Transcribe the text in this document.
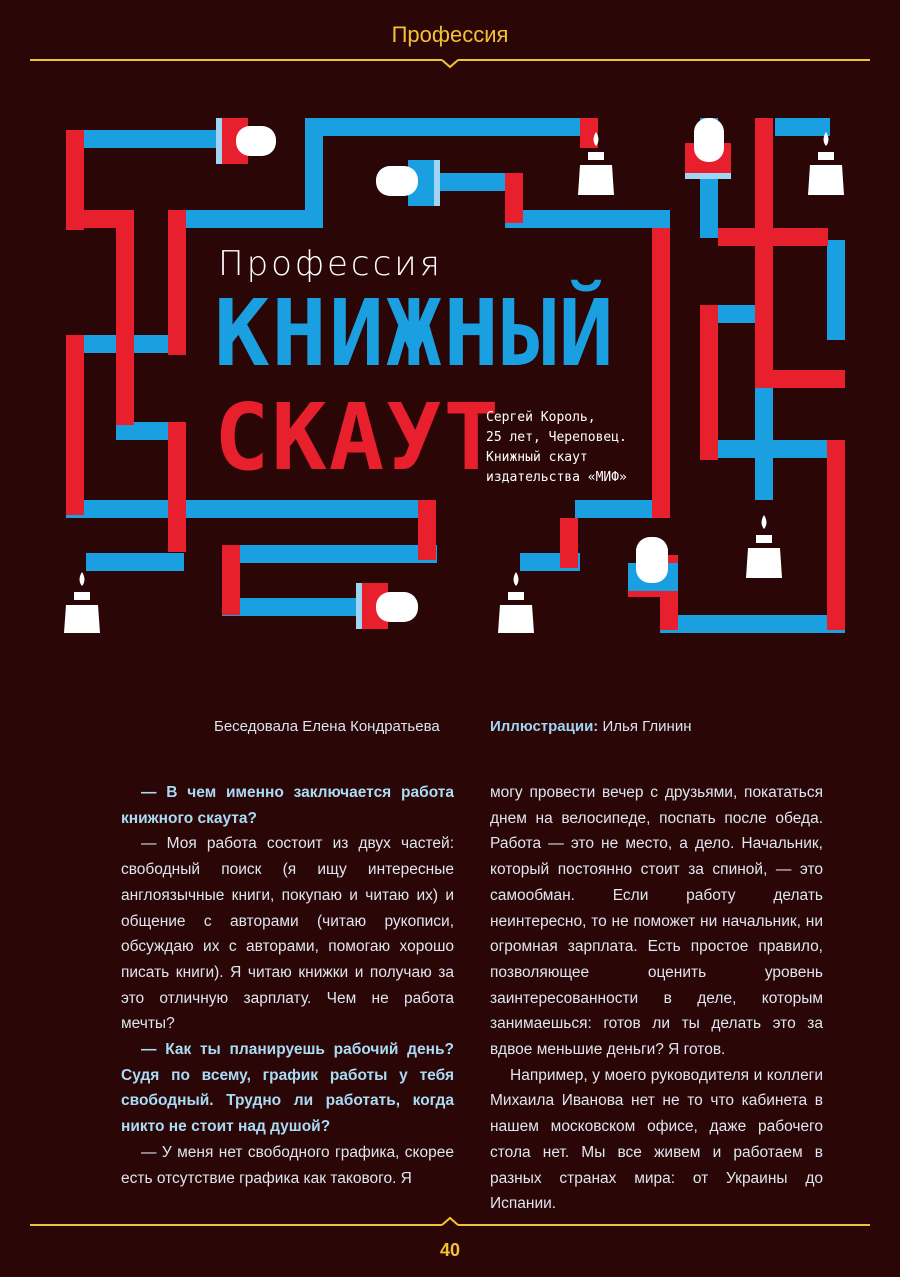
Профессия
Профессия
КНИЖНЫЙ
СКАУТ
Сергей Король,
25 лет, Череповец.
Книжный скаут
издательства «МИФ»
Беседовала Елена Кондратьева	Иллюстрации: Илья Глинин

— В чем именно заключается работа книжного скаута?

— Моя работа состоит из двух частей: свободный поиск (я ищу интересные англоязычные книги, покупаю и читаю их) и общение с авторами (читаю рукописи, обсуждаю их с авторами, помогаю хорошо писать книги). Я читаю книжки и получаю за это отличную зарплату. Чем не работа мечты?

— Как ты планируешь рабочий день? Судя по всему, график работы у тебя свободный. Трудно ли работать, когда никто не стоит над душой?

— У меня нет свободного графика, скорее есть отсутствие графика как такового. Я

могу провести вечер с друзьями, покататься днем на велосипеде, поспать после обеда. Работа — это не место, а дело. Начальник, который постоянно стоит за спиной, — это самообман. Если работу делать неинтересно, то не поможет ни начальник, ни огромная зарплата. Есть простое правило, позволяющее оценить уровень заинтересованности в деле, которым занимаешься: готов ли ты делать это за вдвое меньшие деньги? Я готов.

Например, у моего руководителя и коллеги Михаила Иванова нет не то что кабинета в нашем московском офисе, даже рабочего стола нет. Мы все живем и работаем в разных странах мира: от Украины до Испании.

40
